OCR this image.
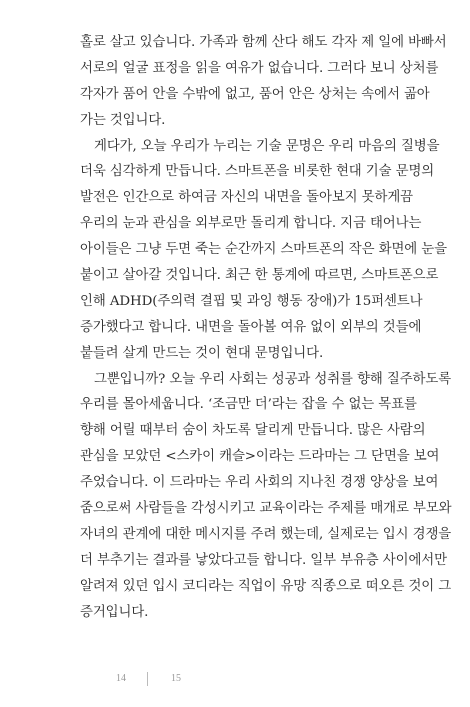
홀로 살고 있습니다. 가족과 함께 산다 해도 각자 제 일에 바빠서
서로의 얼굴 표정을 읽을 여유가 없습니다. 그러다 보니 상처를
각자가 품어 안을 수밖에 없고, 품어 안은 상처는 속에서 곪아
가는 것입니다.
게다가, 오늘 우리가 누리는 기술 문명은 우리 마음의 질병을
더욱 심각하게 만듭니다. 스마트폰을 비롯한 현대 기술 문명의
발전은 인간으로 하여금 자신의 내면을 돌아보지 못하게끔
우리의 눈과 관심을 외부로만 돌리게 합니다. 지금 태어나는
아이들은 그냥 두면 죽는 순간까지 스마트폰의 작은 화면에 눈을
붙이고 살아갈 것입니다. 최근 한 통계에 따르면, 스마트폰으로
인해 ADHD(주의력 결핍 및 과잉 행동 장애)가 15퍼센트나
증가했다고 합니다. 내면을 돌아볼 여유 없이 외부의 것들에
붙들려 살게 만드는 것이 현대 문명입니다.
그뿐입니까? 오늘 우리 사회는 성공과 성취를 향해 질주하도록
우리를 몰아세웁니다. ‘조금만 더’라는 잡을 수 없는 목표를
향해 어릴 때부터 숨이 차도록 달리게 만듭니다. 많은 사람의
관심을 모았던 <스카이 캐슬>이라는 드라마는 그 단면을 보여
주었습니다. 이 드라마는 우리 사회의 지나친 경쟁 양상을 보여
줌으로써 사람들을 각성시키고 교육이라는 주제를 매개로 부모와
자녀의 관계에 대한 메시지를 주려 했는데, 실제로는 입시 경쟁을
더 부추기는 결과를 낳았다고들 합니다. 일부 부유층 사이에서만
알려져 있던 입시 코디라는 직업이 유망 직종으로 떠오른 것이 그
증거입니다.
14	15
